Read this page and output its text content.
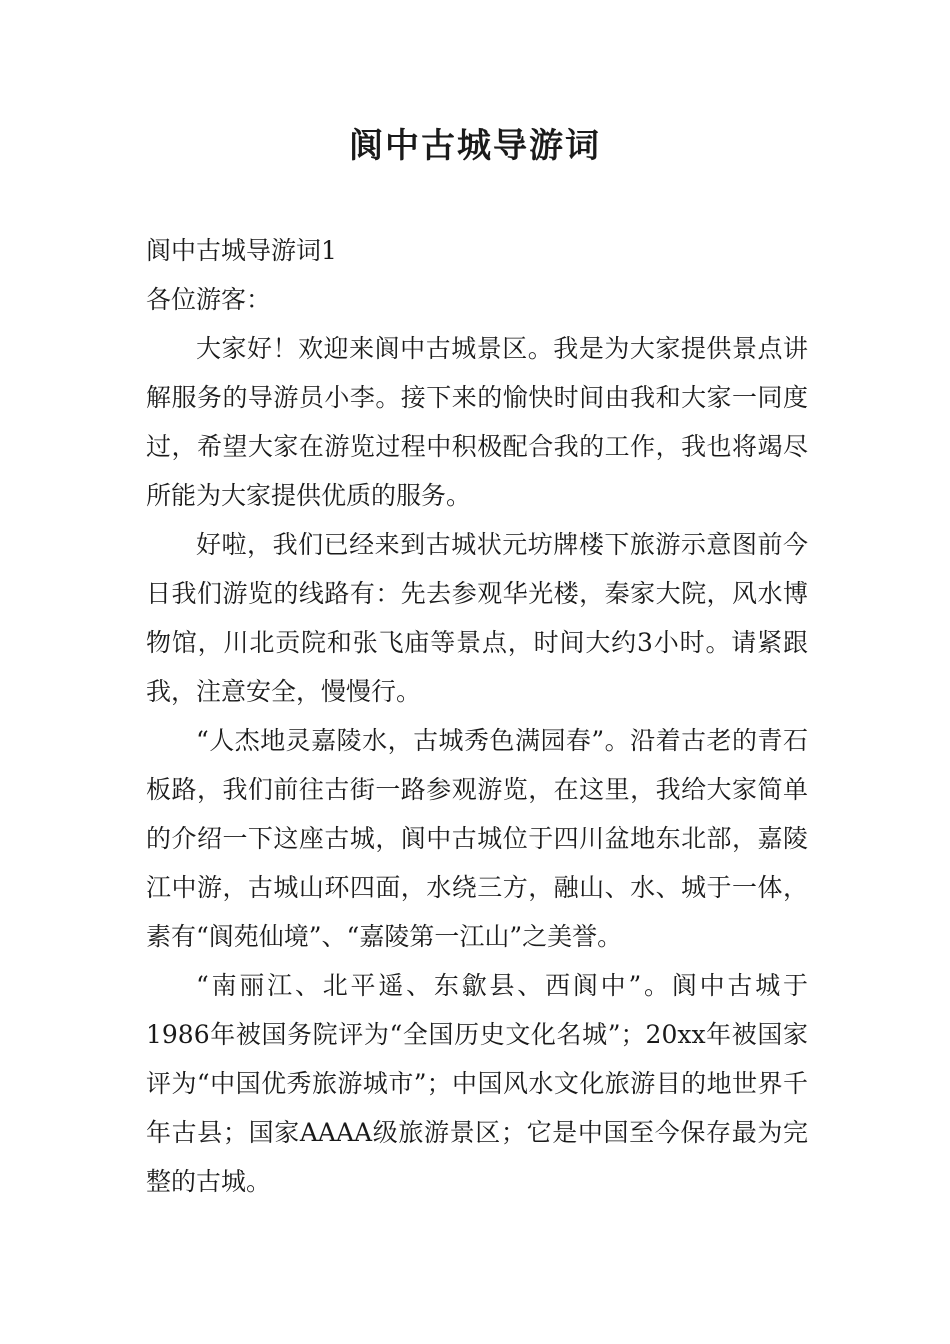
阆中古城导游词

阆中古城导游词1

各位游客：

大家好！欢迎来阆中古城景区。我是为大家提供景点讲解服务的导游员小李。接下来的愉快时间由我和大家一同度过，希望大家在游览过程中积极配合我的工作，我也将竭尽所能为大家提供优质的服务。

好啦，我们已经来到古城状元坊牌楼下旅游示意图前今日我们游览的线路有：先去参观华光楼，秦家大院，风水博物馆，川北贡院和张飞庙等景点，时间大约3小时。请紧跟我，注意安全，慢慢行。

“人杰地灵嘉陵水，古城秀色满园春”。沿着古老的青石板路，我们前往古街一路参观游览，在这里，我给大家简单的介绍一下这座古城，阆中古城位于四川盆地东北部，嘉陵江中游，古城山环四面，水绕三方，融山、水、城于一体，素有“阆苑仙境”、“嘉陵第一江山”之美誉。

“南丽江、北平遥、东歙县、西阆中”。阆中古城于1986年被国务院评为“全国历史文化名城”；20xx年被国家评为“中国优秀旅游城市”；中国风水文化旅游目的地世界千年古县；国家AAAA级旅游景区；它是中国至今保存最为完整的古城。
